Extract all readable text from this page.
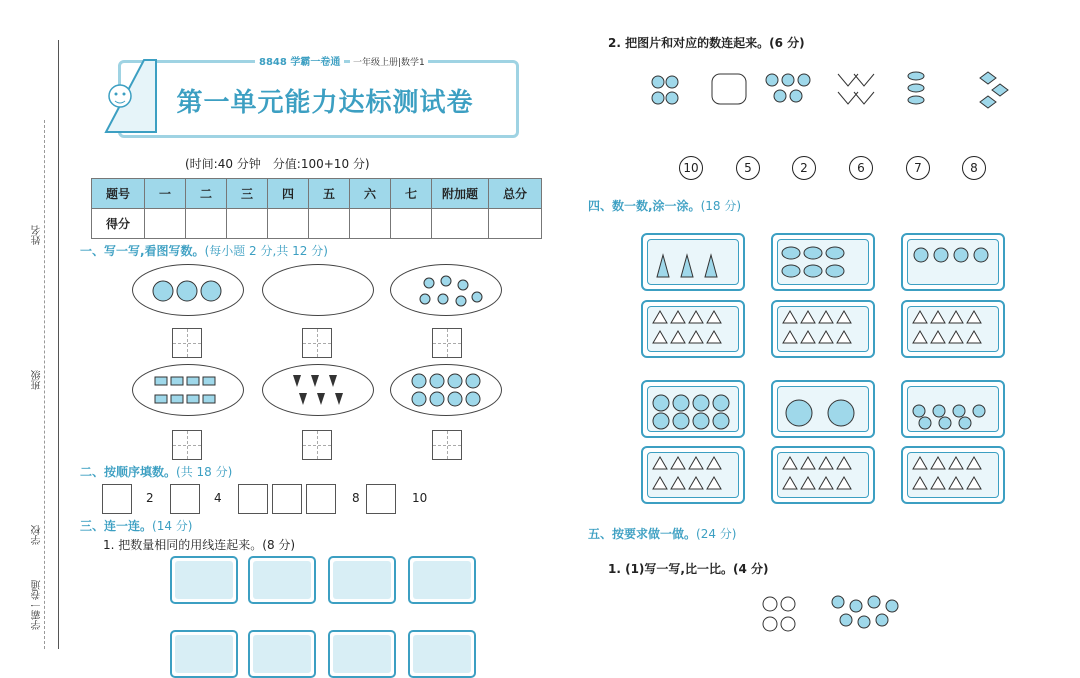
姓名
班级
学校
学霸一卷通
8848 学霸一卷通	一年级上册|数学1
第一单元能力达标测试卷
(时间:40 分钟　分值:100+10 分)
题号	一	二	三	四	五	六	七	附加题	总分
得分									
一、写一写,看图写数。(每小题 2 分,共 12 分)
二、按顺序填数。(共 18 分)
2	4	8	10
三、连一连。(14 分)
1. 把数量相同的用线连起来。(8 分)
2. 把图片和对应的数连起来。(6 分)
10	5	2	6	7	8
四、数一数,涂一涂。(18 分)
五、按要求做一做。(24 分)
1. (1)写一写,比一比。(4 分)
